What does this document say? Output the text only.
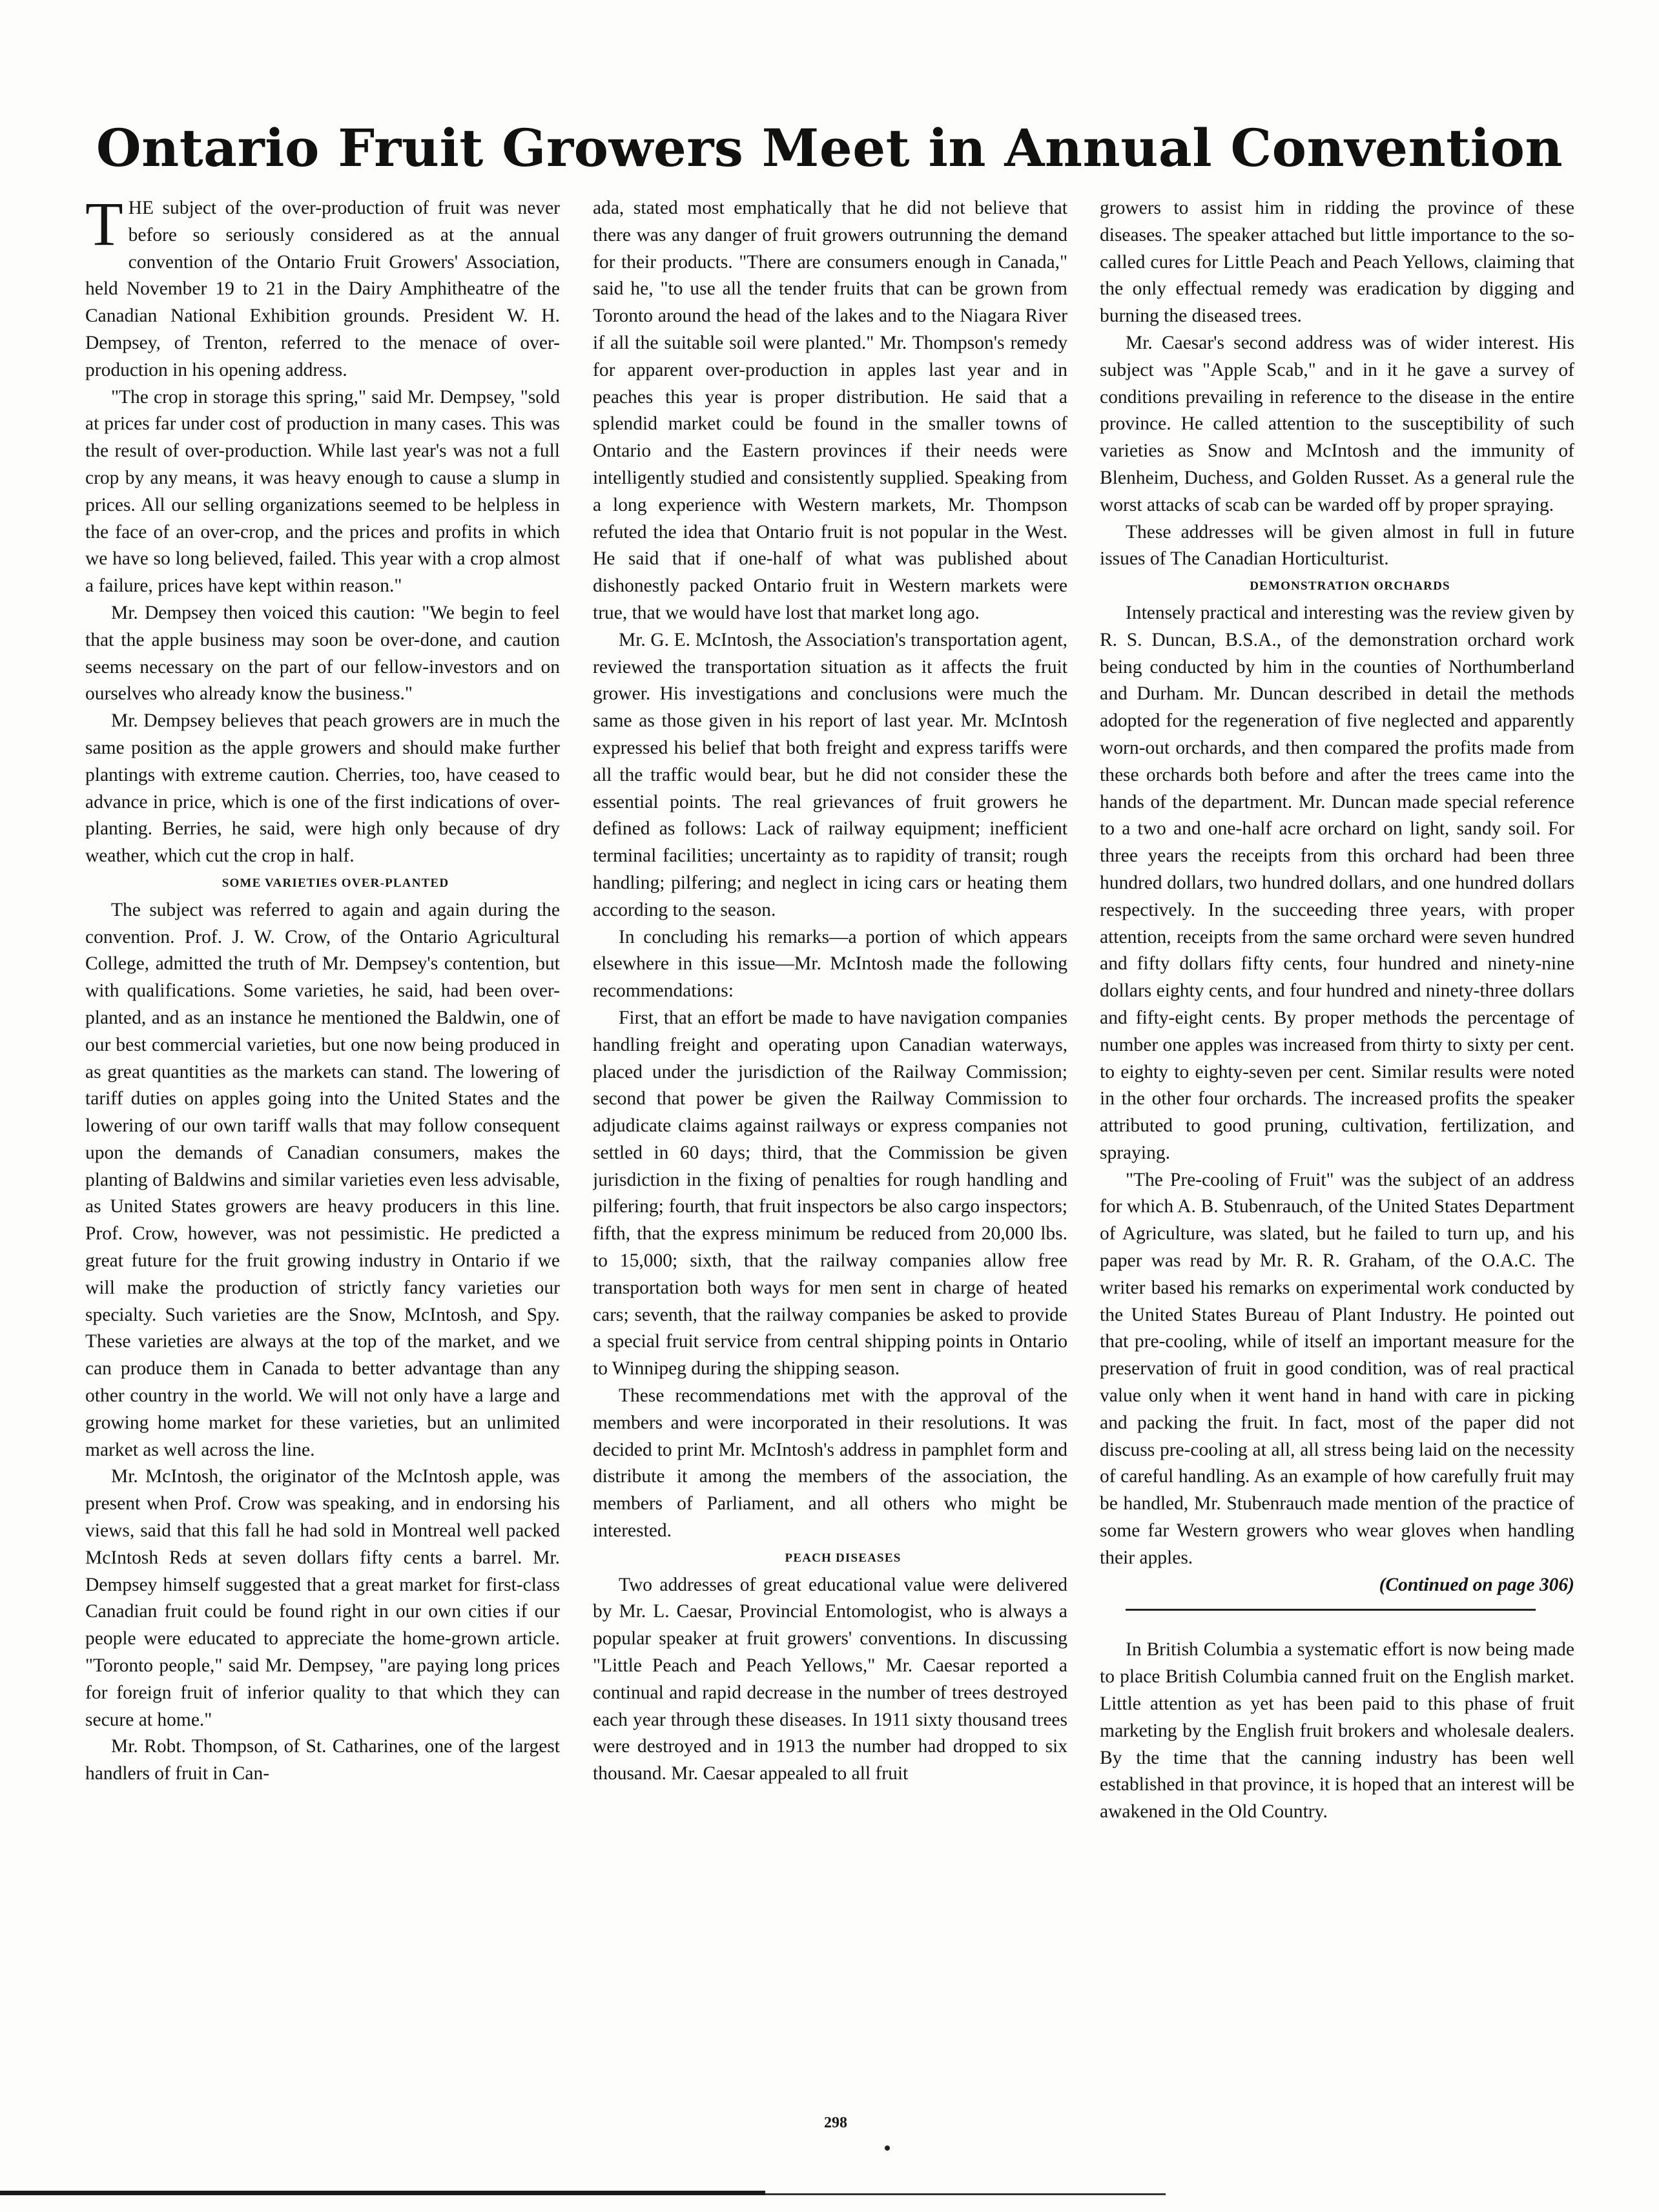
Ontario Fruit Growers Meet in Annual Convention

THE subject of the over-production of fruit was never before so seriously considered as at the annual convention of the Ontario Fruit Growers' Association, held November 19 to 21 in the Dairy Amphitheatre of the Canadian National Exhibition grounds. President W. H. Dempsey, of Trenton, referred to the menace of over-production in his opening address.

"The crop in storage this spring," said Mr. Dempsey, "sold at prices far under cost of production in many cases. This was the result of over-production. While last year's was not a full crop by any means, it was heavy enough to cause a slump in prices. All our selling organizations seemed to be helpless in the face of an over-crop, and the prices and profits in which we have so long believed, failed. This year with a crop almost a failure, prices have kept within reason."

Mr. Dempsey then voiced this caution: "We begin to feel that the apple business may soon be over-done, and caution seems necessary on the part of our fellow-investors and on ourselves who already know the business."

Mr. Dempsey believes that peach growers are in much the same position as the apple growers and should make further plantings with extreme caution. Cherries, too, have ceased to advance in price, which is one of the first indications of over-planting. Berries, he said, were high only because of dry weather, which cut the crop in half.

SOME VARIETIES OVER-PLANTED

The subject was referred to again and again during the convention. Prof. J. W. Crow, of the Ontario Agricultural College, admitted the truth of Mr. Dempsey's contention, but with qualifications. Some varieties, he said, had been over-planted, and as an instance he mentioned the Baldwin, one of our best commercial varieties, but one now being produced in as great quantities as the markets can stand. The lowering of tariff duties on apples going into the United States and the lowering of our own tariff walls that may follow consequent upon the demands of Canadian consumers, makes the planting of Baldwins and similar varieties even less advisable, as United States growers are heavy producers in this line. Prof. Crow, however, was not pessimistic. He predicted a great future for the fruit growing industry in Ontario if we will make the production of strictly fancy varieties our specialty. Such varieties are the Snow, McIntosh, and Spy. These varieties are always at the top of the market, and we can produce them in Canada to better advantage than any other country in the world. We will not only have a large and growing home market for these varieties, but an unlimited market as well across the line.

Mr. McIntosh, the originator of the McIntosh apple, was present when Prof. Crow was speaking, and in endorsing his views, said that this fall he had sold in Montreal well packed McIntosh Reds at seven dollars fifty cents a barrel. Mr. Dempsey himself suggested that a great market for first-class Canadian fruit could be found right in our own cities if our people were educated to appreciate the home-grown article. "Toronto people," said Mr. Dempsey, "are paying long prices for foreign fruit of inferior quality to that which they can secure at home."

Mr. Robt. Thompson, of St. Catharines, one of the largest handlers of fruit in Can-

ada, stated most emphatically that he did not believe that there was any danger of fruit growers outrunning the demand for their products. "There are consumers enough in Canada," said he, "to use all the tender fruits that can be grown from Toronto around the head of the lakes and to the Niagara River if all the suitable soil were planted." Mr. Thompson's remedy for apparent over-production in apples last year and in peaches this year is proper distribution. He said that a splendid market could be found in the smaller towns of Ontario and the Eastern provinces if their needs were intelligently studied and consistently supplied. Speaking from a long experience with Western markets, Mr. Thompson refuted the idea that Ontario fruit is not popular in the West. He said that if one-half of what was published about dishonestly packed Ontario fruit in Western markets were true, that we would have lost that market long ago.

Mr. G. E. McIntosh, the Association's transportation agent, reviewed the transportation situation as it affects the fruit grower. His investigations and conclusions were much the same as those given in his report of last year. Mr. McIntosh expressed his belief that both freight and express tariffs were all the traffic would bear, but he did not consider these the essential points. The real grievances of fruit growers he defined as follows: Lack of railway equipment; inefficient terminal facilities; uncertainty as to rapidity of transit; rough handling; pilfering; and neglect in icing cars or heating them according to the season.

In concluding his remarks—a portion of which appears elsewhere in this issue—Mr. McIntosh made the following recommendations:

First, that an effort be made to have navigation companies handling freight and operating upon Canadian waterways, placed under the jurisdiction of the Railway Commission; second that power be given the Railway Commission to adjudicate claims against railways or express companies not settled in 60 days; third, that the Commission be given jurisdiction in the fixing of penalties for rough handling and pilfering; fourth, that fruit inspectors be also cargo inspectors; fifth, that the express minimum be reduced from 20,000 lbs. to 15,000; sixth, that the railway companies allow free transportation both ways for men sent in charge of heated cars; seventh, that the railway companies be asked to provide a special fruit service from central shipping points in Ontario to Winnipeg during the shipping season.

These recommendations met with the approval of the members and were incorporated in their resolutions. It was decided to print Mr. McIntosh's address in pamphlet form and distribute it among the members of the association, the members of Parliament, and all others who might be interested.

PEACH DISEASES

Two addresses of great educational value were delivered by Mr. L. Caesar, Provincial Entomologist, who is always a popular speaker at fruit growers' conventions. In discussing "Little Peach and Peach Yellows," Mr. Caesar reported a continual and rapid decrease in the number of trees destroyed each year through these diseases. In 1911 sixty thousand trees were destroyed and in 1913 the number had dropped to six thousand. Mr. Caesar appealed to all fruit

growers to assist him in ridding the province of these diseases. The speaker attached but little importance to the so-called cures for Little Peach and Peach Yellows, claiming that the only effectual remedy was eradication by digging and burning the diseased trees.

Mr. Caesar's second address was of wider interest. His subject was "Apple Scab," and in it he gave a survey of conditions prevailing in reference to the disease in the entire province. He called attention to the susceptibility of such varieties as Snow and McIntosh and the immunity of Blenheim, Duchess, and Golden Russet. As a general rule the worst attacks of scab can be warded off by proper spraying.

These addresses will be given almost in full in future issues of The Canadian Horticulturist.

DEMONSTRATION ORCHARDS

Intensely practical and interesting was the review given by R. S. Duncan, B.S.A., of the demonstration orchard work being conducted by him in the counties of Northumberland and Durham. Mr. Duncan described in detail the methods adopted for the regeneration of five neglected and apparently worn-out orchards, and then compared the profits made from these orchards both before and after the trees came into the hands of the department. Mr. Duncan made special reference to a two and one-half acre orchard on light, sandy soil. For three years the receipts from this orchard had been three hundred dollars, two hundred dollars, and one hundred dollars respectively. In the succeeding three years, with proper attention, receipts from the same orchard were seven hundred and fifty dollars fifty cents, four hundred and ninety-nine dollars eighty cents, and four hundred and ninety-three dollars and fifty-eight cents. By proper methods the percentage of number one apples was increased from thirty to sixty per cent. to eighty to eighty-seven per cent. Similar results were noted in the other four orchards. The increased profits the speaker attributed to good pruning, cultivation, fertilization, and spraying.

"The Pre-cooling of Fruit" was the subject of an address for which A. B. Stubenrauch, of the United States Department of Agriculture, was slated, but he failed to turn up, and his paper was read by Mr. R. R. Graham, of the O.A.C. The writer based his remarks on experimental work conducted by the United States Bureau of Plant Industry. He pointed out that pre-cooling, while of itself an important measure for the preservation of fruit in good condition, was of real practical value only when it went hand in hand with care in picking and packing the fruit. In fact, most of the paper did not discuss pre-cooling at all, all stress being laid on the necessity of careful handling. As an example of how carefully fruit may be handled, Mr. Stubenrauch made mention of the practice of some far Western growers who wear gloves when handling their apples.

(Continued on page 306)

In British Columbia a systematic effort is now being made to place British Columbia canned fruit on the English market. Little attention as yet has been paid to this phase of fruit marketing by the English fruit brokers and wholesale dealers. By the time that the canning industry has been well established in that province, it is hoped that an interest will be awakened in the Old Country.

298
